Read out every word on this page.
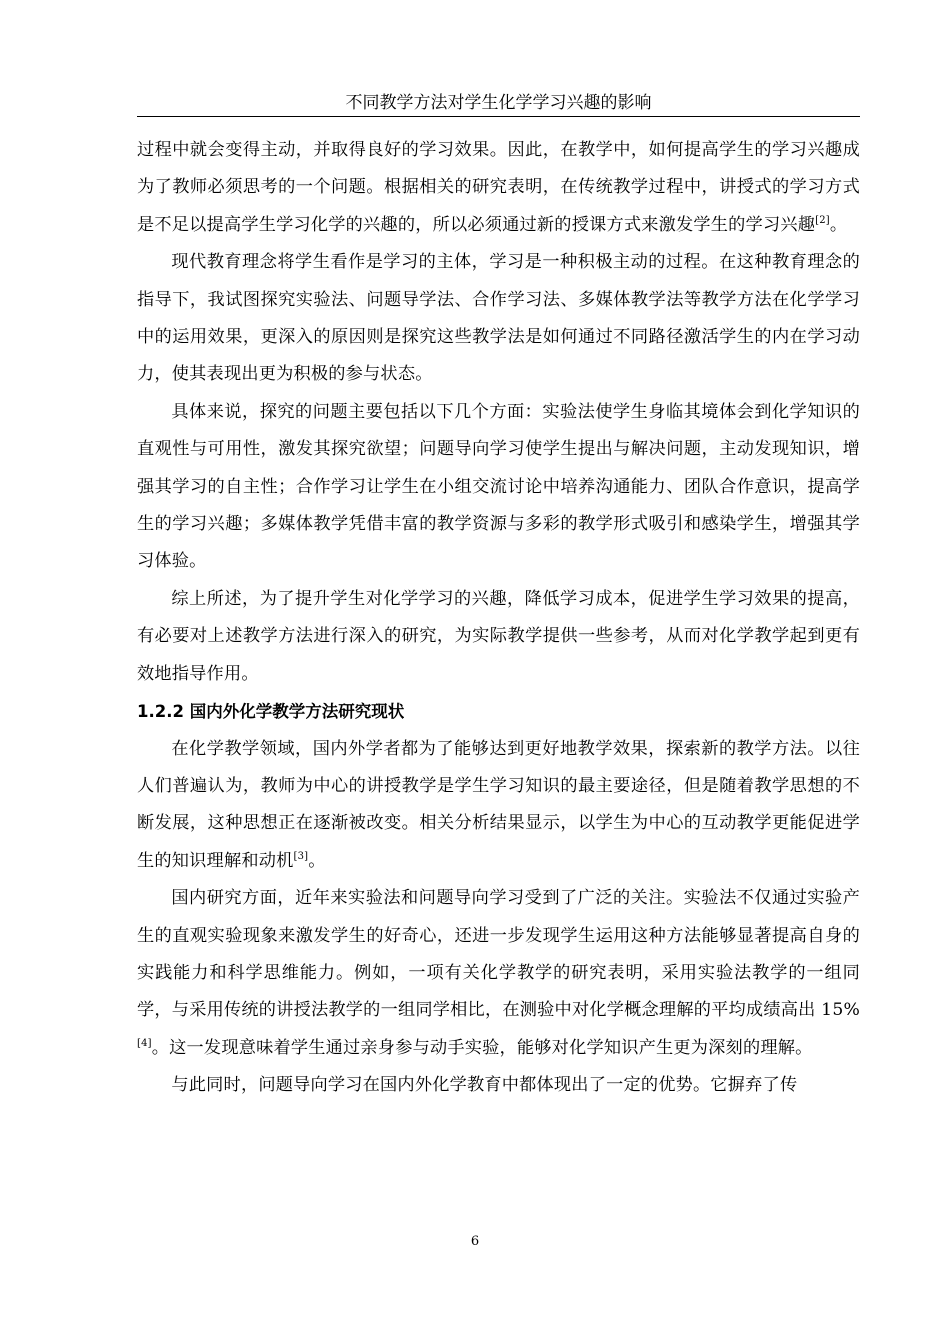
不同教学方法对学生化学学习兴趣的影响

过程中就会变得主动，并取得良好的学习效果。因此，在教学中，如何提高学生的学习兴趣成为了教师必须思考的一个问题。根据相关的研究表明，在传统教学过程中，讲授式的学习方式是不足以提高学生学习化学的兴趣的，所以必须通过新的授课方式来激发学生的学习兴趣[2]。

现代教育理念将学生看作是学习的主体，学习是一种积极主动的过程。在这种教育理念的指导下，我试图探究实验法、问题导学法、合作学习法、多媒体教学法等教学方法在化学学习中的运用效果，更深入的原因则是探究这些教学法是如何通过不同路径激活学生的内在学习动力，使其表现出更为积极的参与状态。

具体来说，探究的问题主要包括以下几个方面：实验法使学生身临其境体会到化学知识的直观性与可用性，激发其探究欲望；问题导向学习使学生提出与解决问题，主动发现知识，增强其学习的自主性；合作学习让学生在小组交流讨论中培养沟通能力、团队合作意识，提高学生的学习兴趣；多媒体教学凭借丰富的教学资源与多彩的教学形式吸引和感染学生，增强其学习体验。

综上所述，为了提升学生对化学学习的兴趣，降低学习成本，促进学生学习效果的提高，有必要对上述教学方法进行深入的研究，为实际教学提供一些参考，从而对化学教学起到更有效地指导作用。

1.2.2 国内外化学教学方法研究现状

在化学教学领域，国内外学者都为了能够达到更好地教学效果，探索新的教学方法。以往人们普遍认为，教师为中心的讲授教学是学生学习知识的最主要途径，但是随着教学思想的不断发展，这种思想正在逐渐被改变。相关分析结果显示，以学生为中心的互动教学更能促进学生的知识理解和动机[3]。

国内研究方面，近年来实验法和问题导向学习受到了广泛的关注。实验法不仅通过实验产生的直观实验现象来激发学生的好奇心，还进一步发现学生运用这种方法能够显著提高自身的实践能力和科学思维能力。例如，一项有关化学教学的研究表明，采用实验法教学的一组同学，与采用传统的讲授法教学的一组同学相比，在测验中对化学概念理解的平均成绩高出 15%[4]。这一发现意味着学生通过亲身参与动手实验，能够对化学知识产生更为深刻的理解。

与此同时，问题导向学习在国内外化学教育中都体现出了一定的优势。它摒弃了传

6
